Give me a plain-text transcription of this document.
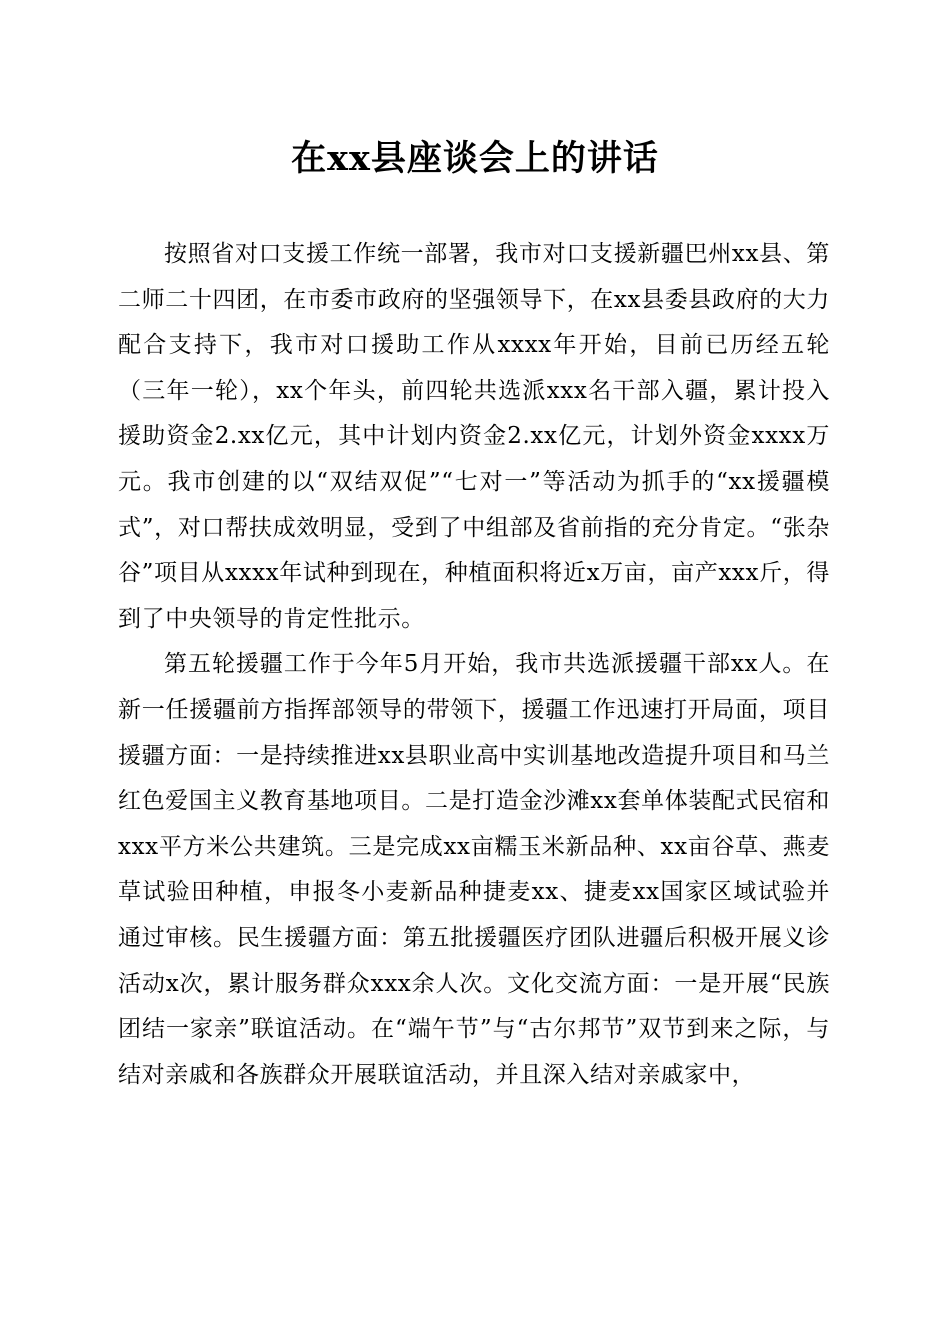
在xx县座谈会上的讲话

按照省对口支援工作统一部署，我市对口支援新疆巴州xx县、第二师二十四团，在市委市政府的坚强领导下，在xx县委县政府的大力配合支持下，我市对口援助工作从xxxx年开始，目前已历经五轮（三年一轮），xx个年头，前四轮共选派xxx名干部入疆，累计投入援助资金2.xx亿元，其中计划内资金2.xx亿元，计划外资金xxxx万元。我市创建的以“双结双促”“七对一”等活动为抓手的“xx援疆模式”，对口帮扶成效明显，受到了中组部及省前指的充分肯定。“张杂谷”项目从xxxx年试种到现在，种植面积将近x万亩，亩产xxx斤，得到了中央领导的肯定性批示。

第五轮援疆工作于今年5月开始，我市共选派援疆干部xx人。在新一任援疆前方指挥部领导的带领下，援疆工作迅速打开局面，项目援疆方面：一是持续推进xx县职业高中实训基地改造提升项目和马兰红色爱国主义教育基地项目。二是打造金沙滩xx套单体装配式民宿和xxx平方米公共建筑。三是完成xx亩糯玉米新品种、xx亩谷草、燕麦草试验田种植，申报冬小麦新品种捷麦xx、捷麦xx国家区域试验并通过审核。民生援疆方面：第五批援疆医疗团队进疆后积极开展义诊活动x次，累计服务群众xxx余人次。文化交流方面：一是开展“民族团结一家亲”联谊活动。在“端午节”与“古尔邦节”双节到来之际，与结对亲戚和各族群众开展联谊活动，并且深入结对亲戚家中，
